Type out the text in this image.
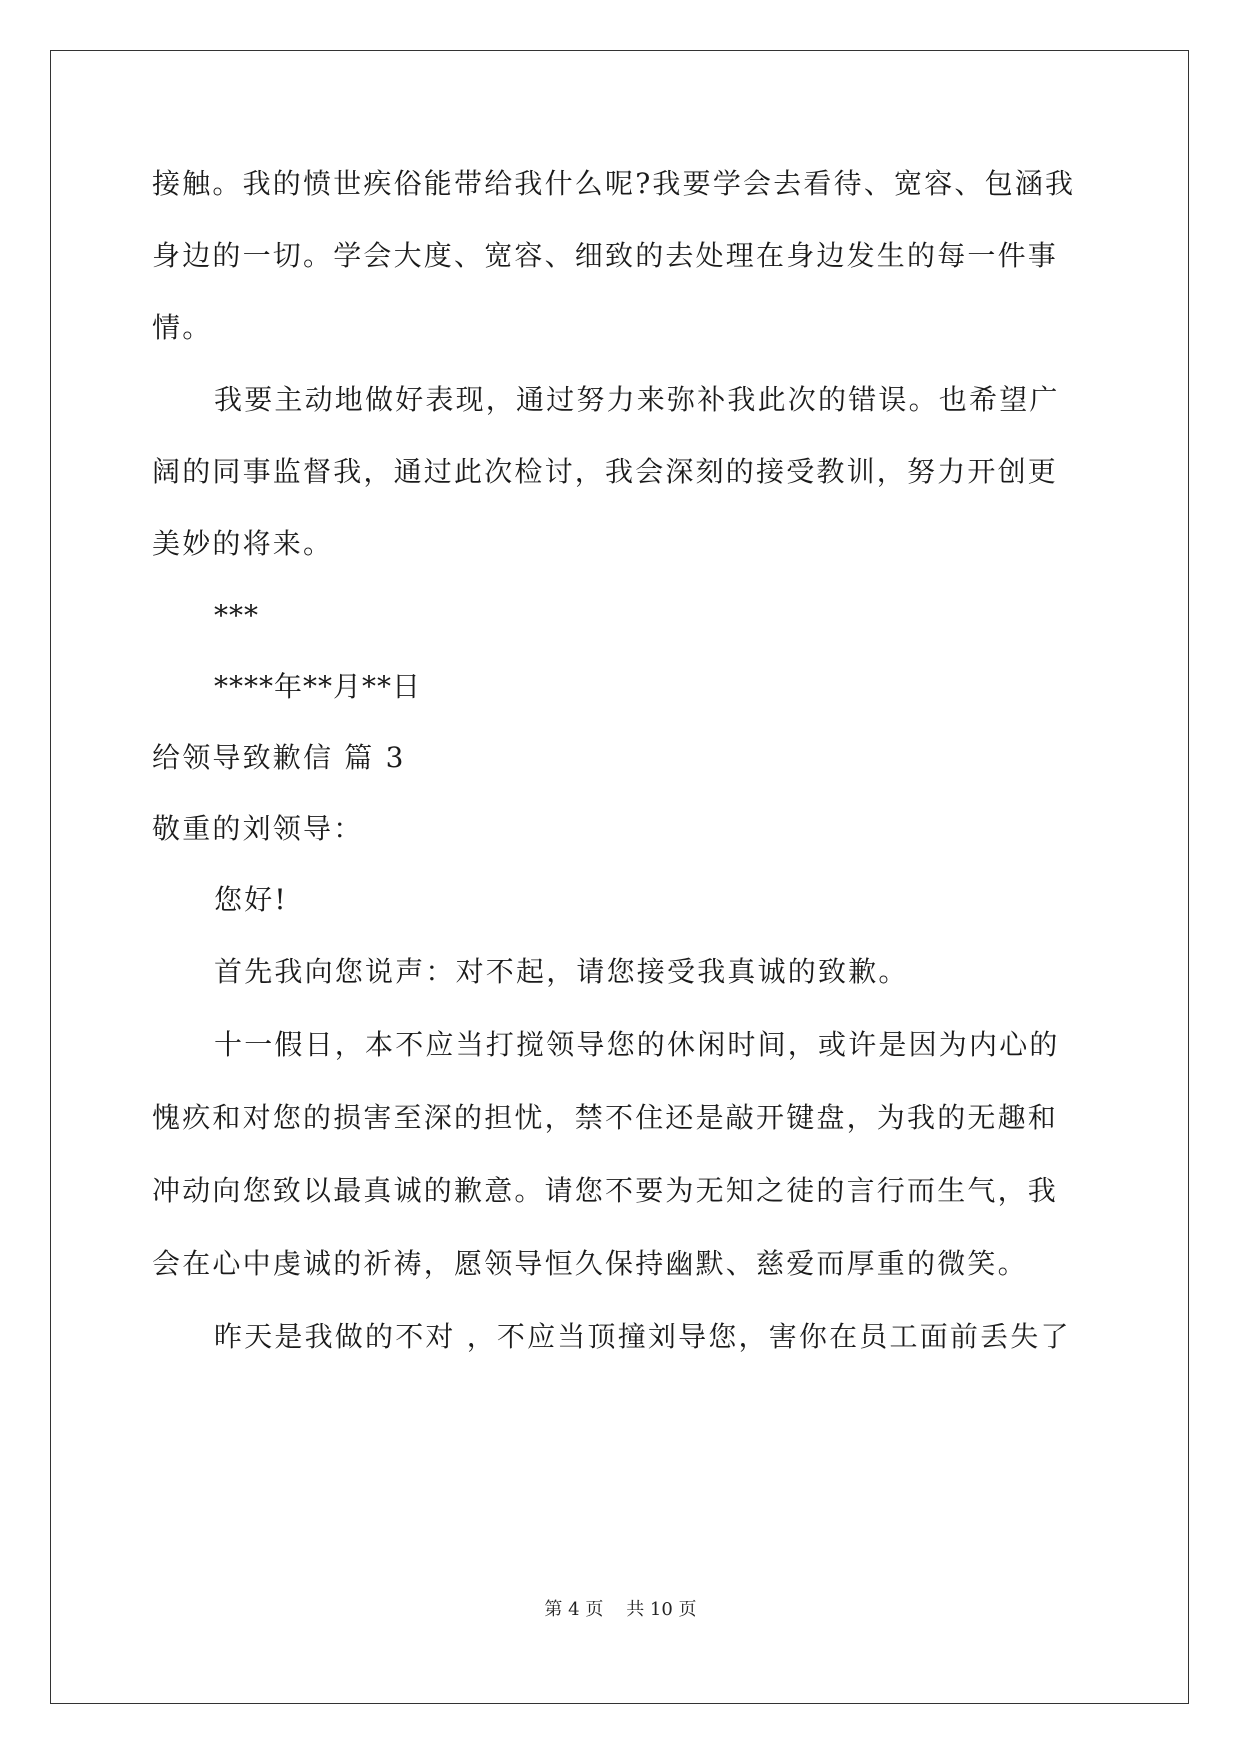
接触。我的愤世疾俗能带给我什么呢?我要学会去看待、宽容、包涵我
身边的一切。学会大度、宽容、细致的去处理在身边发生的每一件事
情。
我要主动地做好表现，通过努力来弥补我此次的错误。也希望广
阔的同事监督我，通过此次检讨，我会深刻的接受教训，努力开创更
美妙的将来。
***
****年**月**日
给领导致歉信 篇 3
敬重的刘领导：
您好!
首先我向您说声：对不起，请您接受我真诚的致歉。
十一假日，本不应当打搅领导您的休闲时间，或许是因为内心的
愧疚和对您的损害至深的担忧，禁不住还是敲开键盘，为我的无趣和
冲动向您致以最真诚的歉意。请您不要为无知之徒的言行而生气，我
会在心中虔诚的祈祷，愿领导恒久保持幽默、慈爱而厚重的微笑。
昨天是我做的不对 ，不应当顶撞刘导您，害你在员工面前丢失了
第 4 页    共 10 页
